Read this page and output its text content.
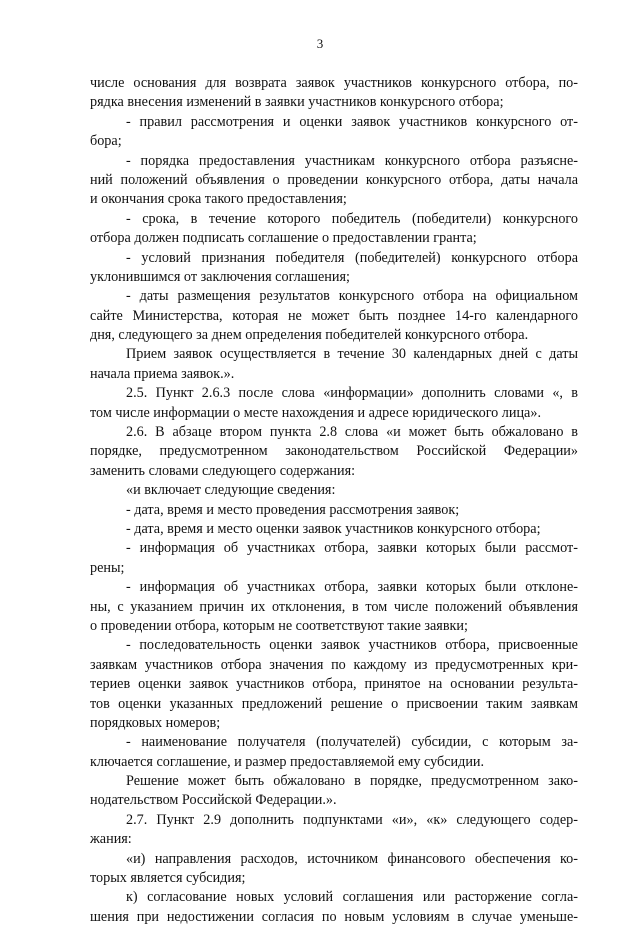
3
числе основания для возврата заявок участников конкурсного отбора, по-
рядка внесения изменений в заявки участников конкурсного отбора;
- правил рассмотрения и оценки заявок участников конкурсного от-
бора;
- порядка предоставления участникам конкурсного отбора разъясне-
ний положений объявления о проведении конкурсного отбора, даты начала
и окончания срока такого предоставления;
- срока, в течение которого победитель (победители) конкурсного
отбора должен подписать соглашение о предоставлении гранта;
- условий признания победителя (победителей) конкурсного отбора
уклонившимся от заключения соглашения;
- даты размещения результатов конкурсного отбора на официальном
сайте Министерства, которая не может быть позднее 14-го календарного
дня, следующего за днем определения победителей конкурсного отбора.
Прием заявок осуществляется в течение 30 календарных дней с даты
начала приема заявок.».
2.5. Пункт 2.6.3 после слова «информации» дополнить словами «, в
том числе информации о месте нахождения и адресе юридического лица».
2.6. В абзаце втором пункта 2.8 слова «и может быть обжаловано в
порядке, предусмотренном законодательством Российской Федерации»
заменить словами следующего содержания:
«и включает следующие сведения:
- дата, время и место проведения рассмотрения заявок;
- дата, время и место оценки заявок участников конкурсного отбора;
- информация об участниках отбора, заявки которых были рассмот-
рены;
- информация об участниках отбора, заявки которых были отклоне-
ны, с указанием причин их отклонения, в том числе положений объявления
о проведении отбора, которым не соответствуют такие заявки;
- последовательность оценки заявок участников отбора, присвоенные
заявкам участников отбора значения по каждому из предусмотренных кри-
териев оценки заявок участников отбора, принятое на основании результа-
тов оценки указанных предложений решение о присвоении таким заявкам
порядковых номеров;
- наименование получателя (получателей) субсидии, с которым за-
ключается соглашение, и размер предоставляемой ему субсидии.
Решение может быть обжаловано в порядке, предусмотренном зако-
нодательством Российской Федерации.».
2.7. Пункт 2.9 дополнить подпунктами «и», «к» следующего содер-
жания:
«и) направления расходов, источником финансового обеспечения ко-
торых является субсидия;
к) согласование новых условий соглашения или расторжение согла-
шения при недостижении согласия по новым условиям в случае уменьше-
